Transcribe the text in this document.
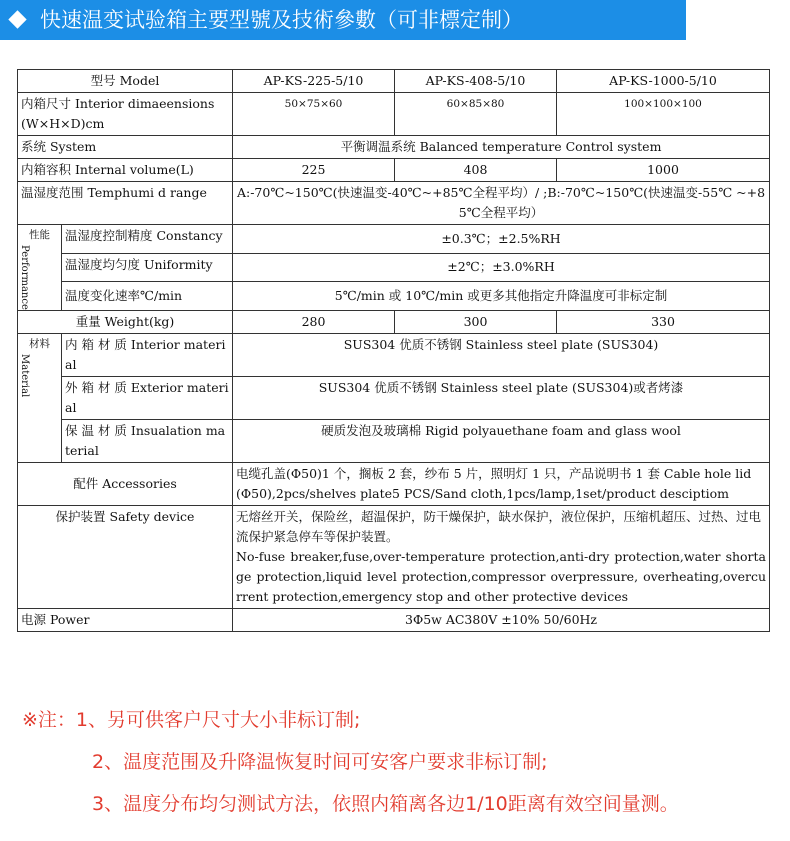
快速温变试验箱主要型號及技術參數（可非標定制）
型号 Model		AP-KS-225-5/10	AP-KS-408-5/10	AP-KS-1000-5/10
内箱尺寸 Interior dimaeensions (W×H×D)cm		50×75×60	60×85×80	100×100×100
系统 System		平衡调温系统 Balanced temperature Control system		
内箱容积 Internal volume(L)		225	408	1000
温湿度范围 Temphumi d range		A:-70℃~150℃(快速温变-40℃~+85℃全程平均）/ ;B:-70℃~150℃(快速温变-55℃ ~+85℃全程平均）		

性能
Performance	温湿度控制精度 Constancy	±0.3℃；±2.5%RH		
	温湿度均匀度 Uniformity	±2℃；±3.0%RH		
	温度变化速率℃/min	5℃/min 或 10℃/min 或更多其他指定升降温度可非标定制		
重量 Weight(kg)		280	300	330

材料
Material	内 箱 材 质 Interior material	SUS304 优质不锈钢 Stainless steel plate (SUS304)		
	外 箱 材 质 Exterior material	SUS304 优质不锈钢 Stainless steel plate (SUS304)或者烤漆		
	保 温 材 质 Insualation material	硬质发泡及玻璃棉 Rigid polyauethane foam and glass wool		
配件 Accessories		电缆孔盖(Φ50)1 个，搁板 2 套，纱布 5 片，照明灯 1 只，产品说明书 1 套 Cable hole lid(Φ50),2pcs/shelves plate5 PCS/Sand cloth,1pcs/lamp,1set/product desciptiom		
保护装置 Safety device		无熔丝开关，保险丝，超温保护，防干燥保护，缺水保护，液位保护，压缩机超压、过热、过电流保护紧急停车等保护装置。
No-fuse breaker,fuse,over-temperature protection,anti-dry protection,water shortage protection,liquid level protection,compressor overpressure, overheating,overcurrent protection,emergency stop and other protective devices		

电源 Power		3Φ5w AC380V ±10% 50/60Hz		
※注：1、另可供客户尺寸大小非标订制;
2、温度范围及升降温恢复时间可安客户要求非标订制;
3、温度分布均匀测试方法，依照内箱离各边1/10距离有效空间量测。
